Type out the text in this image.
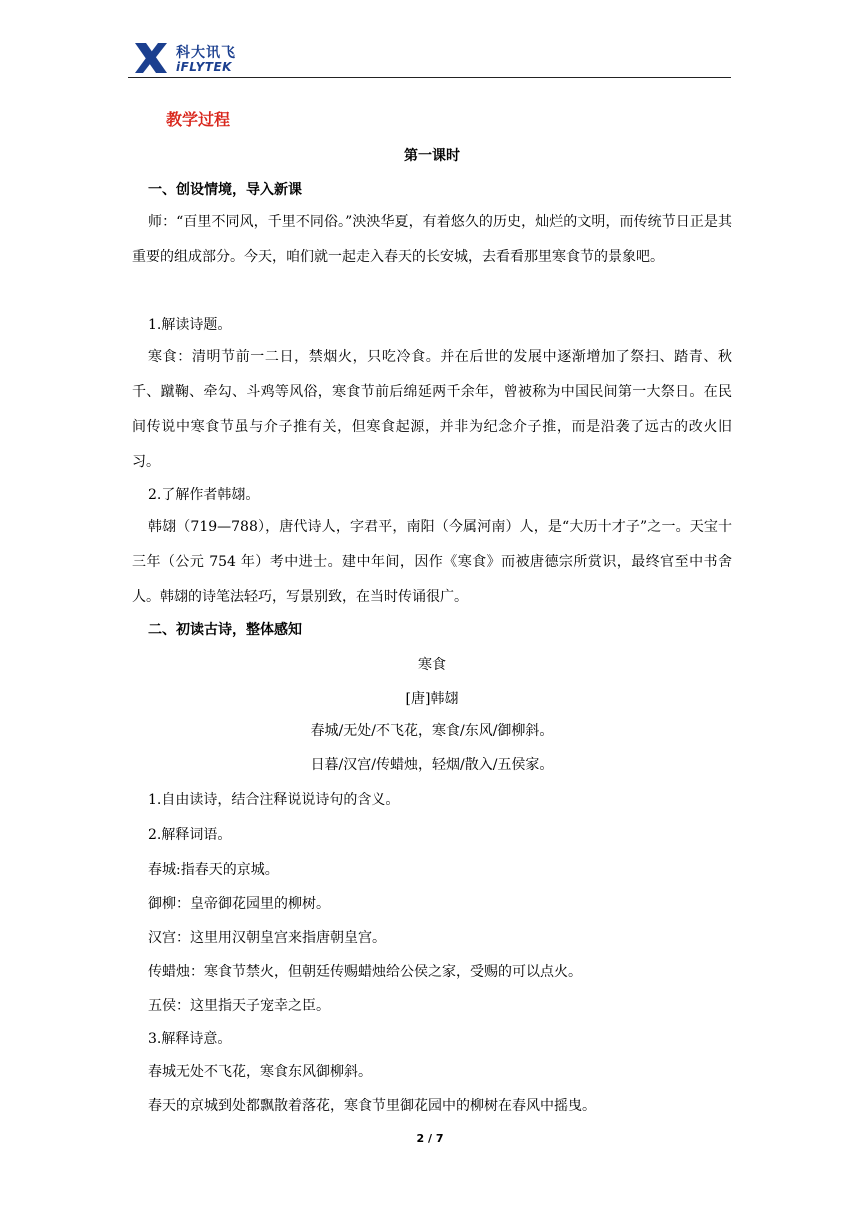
科大讯飞
iFLYTEK
教学过程
第一课时
一、创设情境，导入新课
师：“百里不同风，千里不同俗。”泱泱华夏，有着悠久的历史，灿烂的文明，而传统节日正是其重要的组成部分。今天，咱们就一起走入春天的长安城，去看看那里寒食节的景象吧。
1.解读诗题。
寒食：清明节前一二日，禁烟火，只吃冷食。并在后世的发展中逐渐增加了祭扫、踏青、秋千、蹴鞠、牵勾、斗鸡等风俗，寒食节前后绵延两千余年，曾被称为中国民间第一大祭日。在民间传说中寒食节虽与介子推有关，但寒食起源，并非为纪念介子推，而是沿袭了远古的改火旧习。
2.了解作者韩翃。
韩翃（719—788），唐代诗人，字君平，南阳（今属河南）人，是“大历十才子”之一。天宝十三年（公元 754 年）考中进士。建中年间，因作《寒食》而被唐德宗所赏识，最终官至中书舍人。韩翃的诗笔法轻巧，写景别致，在当时传诵很广。
二、初读古诗，整体感知
寒食
[唐]韩翃
春城/无处/不飞花，寒食/东风/御柳斜。
日暮/汉宫/传蜡烛，轻烟/散入/五侯家。
1.自由读诗，结合注释说说诗句的含义。
2.解释词语。
春城:指春天的京城。
御柳：皇帝御花园里的柳树。
汉宫：这里用汉朝皇宫来指唐朝皇宫。
传蜡烛：寒食节禁火，但朝廷传赐蜡烛给公侯之家，受赐的可以点火。
五侯：这里指天子宠幸之臣。
3.解释诗意。
春城无处不飞花，寒食东风御柳斜。
春天的京城到处都飘散着落花，寒食节里御花园中的柳树在春风中摇曳。
2 / 7
